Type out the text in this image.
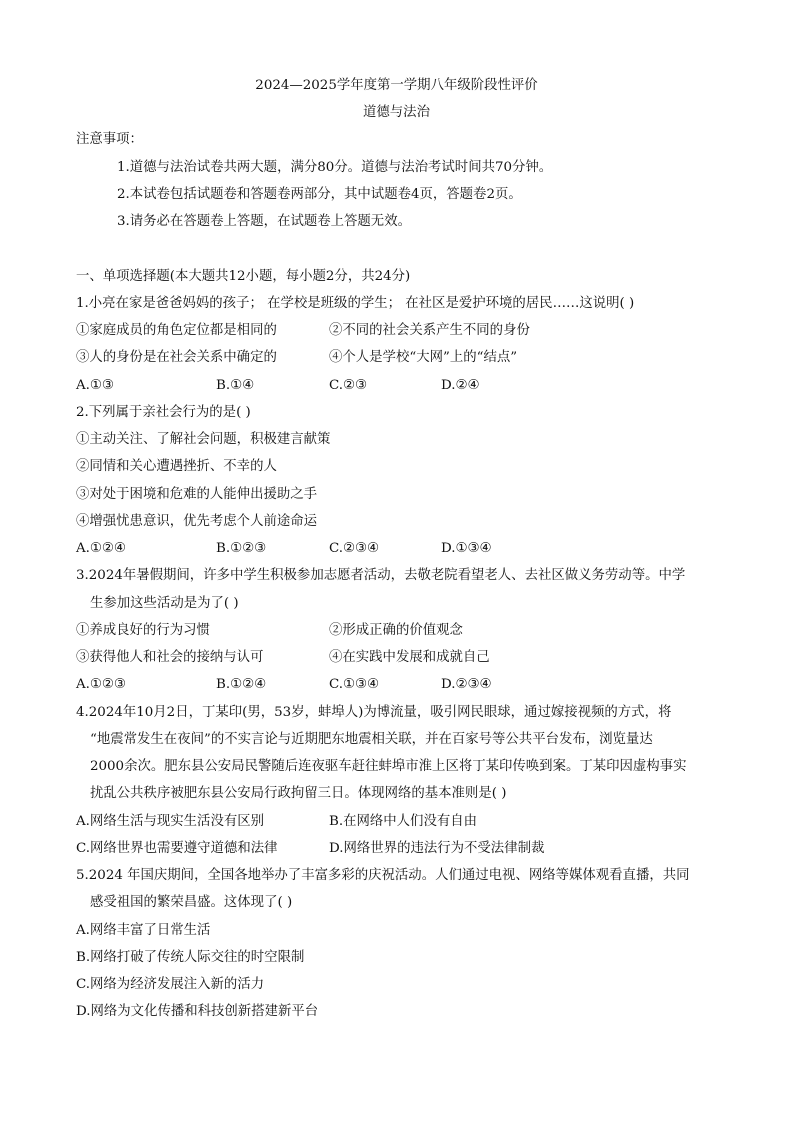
2024—2025学年度第一学期八年级阶段性评价
道德与法治
注意事项：
1.道德与法治试卷共两大题，满分80分。道德与法治考试时间共70分钟。
2.本试卷包括试题卷和答题卷两部分，其中试题卷4页，答题卷2页。
3.请务必在答题卷上答题，在试题卷上答题无效。
一、单项选择题(本大题共12小题，每小题2分，共24分)
1.小亮在家是爸爸妈妈的孩子； 在学校是班级的学生； 在社区是爱护环境的居民……这说明( )
①家庭成员的角色定位都是相同的	②不同的社会关系产生不同的身份
③人的身份是在社会关系中确定的	④个人是学校“大网”上的“结点”
A.①③	B.①④	C.②③	D.②④
2.下列属于亲社会行为的是( )
①主动关注、了解社会问题，积极建言献策
②同情和关心遭遇挫折、不幸的人
③对处于困境和危难的人能伸出援助之手
④增强忧患意识，优先考虑个人前途命运
A.①②④	B.①②③	C.②③④	D.①③④
3.2024年暑假期间，许多中学生积极参加志愿者活动，去敬老院看望老人、去社区做义务劳动等。中学
生参加这些活动是为了( )
①养成良好的行为习惯	②形成正确的价值观念
③获得他人和社会的接纳与认可	④在实践中发展和成就自己
A.①②③	B.①②④	C.①③④	D.②③④
4.2024年10月2日，丁某印(男，53岁，蚌埠人)为博流量，吸引网民眼球，通过嫁接视频的方式，将
“地震常发生在夜间”的不实言论与近期肥东地震相关联，并在百家号等公共平台发布，浏览量达
2000余次。肥东县公安局民警随后连夜驱车赶往蚌埠市淮上区将丁某印传唤到案。丁某印因虚构事实
扰乱公共秩序被肥东县公安局行政拘留三日。体现网络的基本准则是( )
A.网络生活与现实生活没有区别	B.在网络中人们没有自由
C.网络世界也需要遵守道德和法律	D.网络世界的违法行为不受法律制裁
5.2024 年国庆期间，全国各地举办了丰富多彩的庆祝活动。人们通过电视、网络等媒体观看直播，共同
感受祖国的繁荣昌盛。这体现了( )
A.网络丰富了日常生活
B.网络打破了传统人际交往的时空限制
C.网络为经济发展注入新的活力
D.网络为文化传播和科技创新搭建新平台
